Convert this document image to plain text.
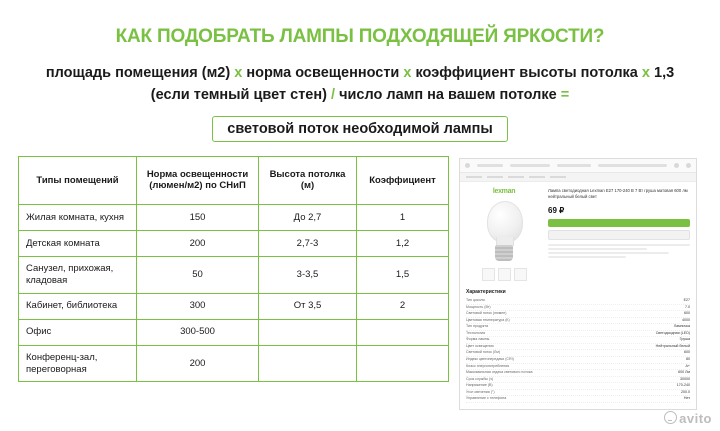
КАК ПОДОБРАТЬ ЛАМПЫ ПОДХОДЯЩЕЙ ЯРКОСТИ?
площадь помещения (м2) x норма освещенности x коэффициент высоты потолка x 1,3 (если темный цвет стен) / число ламп на вашем потолке =
световой поток необходимой лампы
Типы помещений	Норма освещенности (люмен/м2) по СНиП	Высота потолка (м)	Коэффициент
Жилая комната, кухня	150	До 2,7	1
Детская комната	200	2,7-3	1,2
Санузел, прихожая, кладовая	50	3-3,5	1,5
Кабинет, библиотека	300	От 3,5	2
Офис	300-500		
Конференц-зал, переговорная	200		
lexman	Лампа светодиодная Lexman E27 170-240 В 7 Вт груша матовая 600 лм нейтральный белый свет
69 ₽
Характеристики
Тип цоколя	E27
Мощность (Вт)	7.0
Световой поток (люмен)	600
Цветовая температура (К)	4000
Тип продукта	Лампочка
Технология	Светодиодная (LED)
Форма лампы	Груша
Цвет освещения	Нейтральный белый
Световой поток (Лм)	600
Индекс цветопередачи (CRI)	80
Класс энергопотребления	A+
Максимальная отдача светового потока	600 Лм
Срок службы (ч)	30000
Напряжение (В)	170-240
Угол свечения (°)	200.0
Управление с телефона	Нет
avito
